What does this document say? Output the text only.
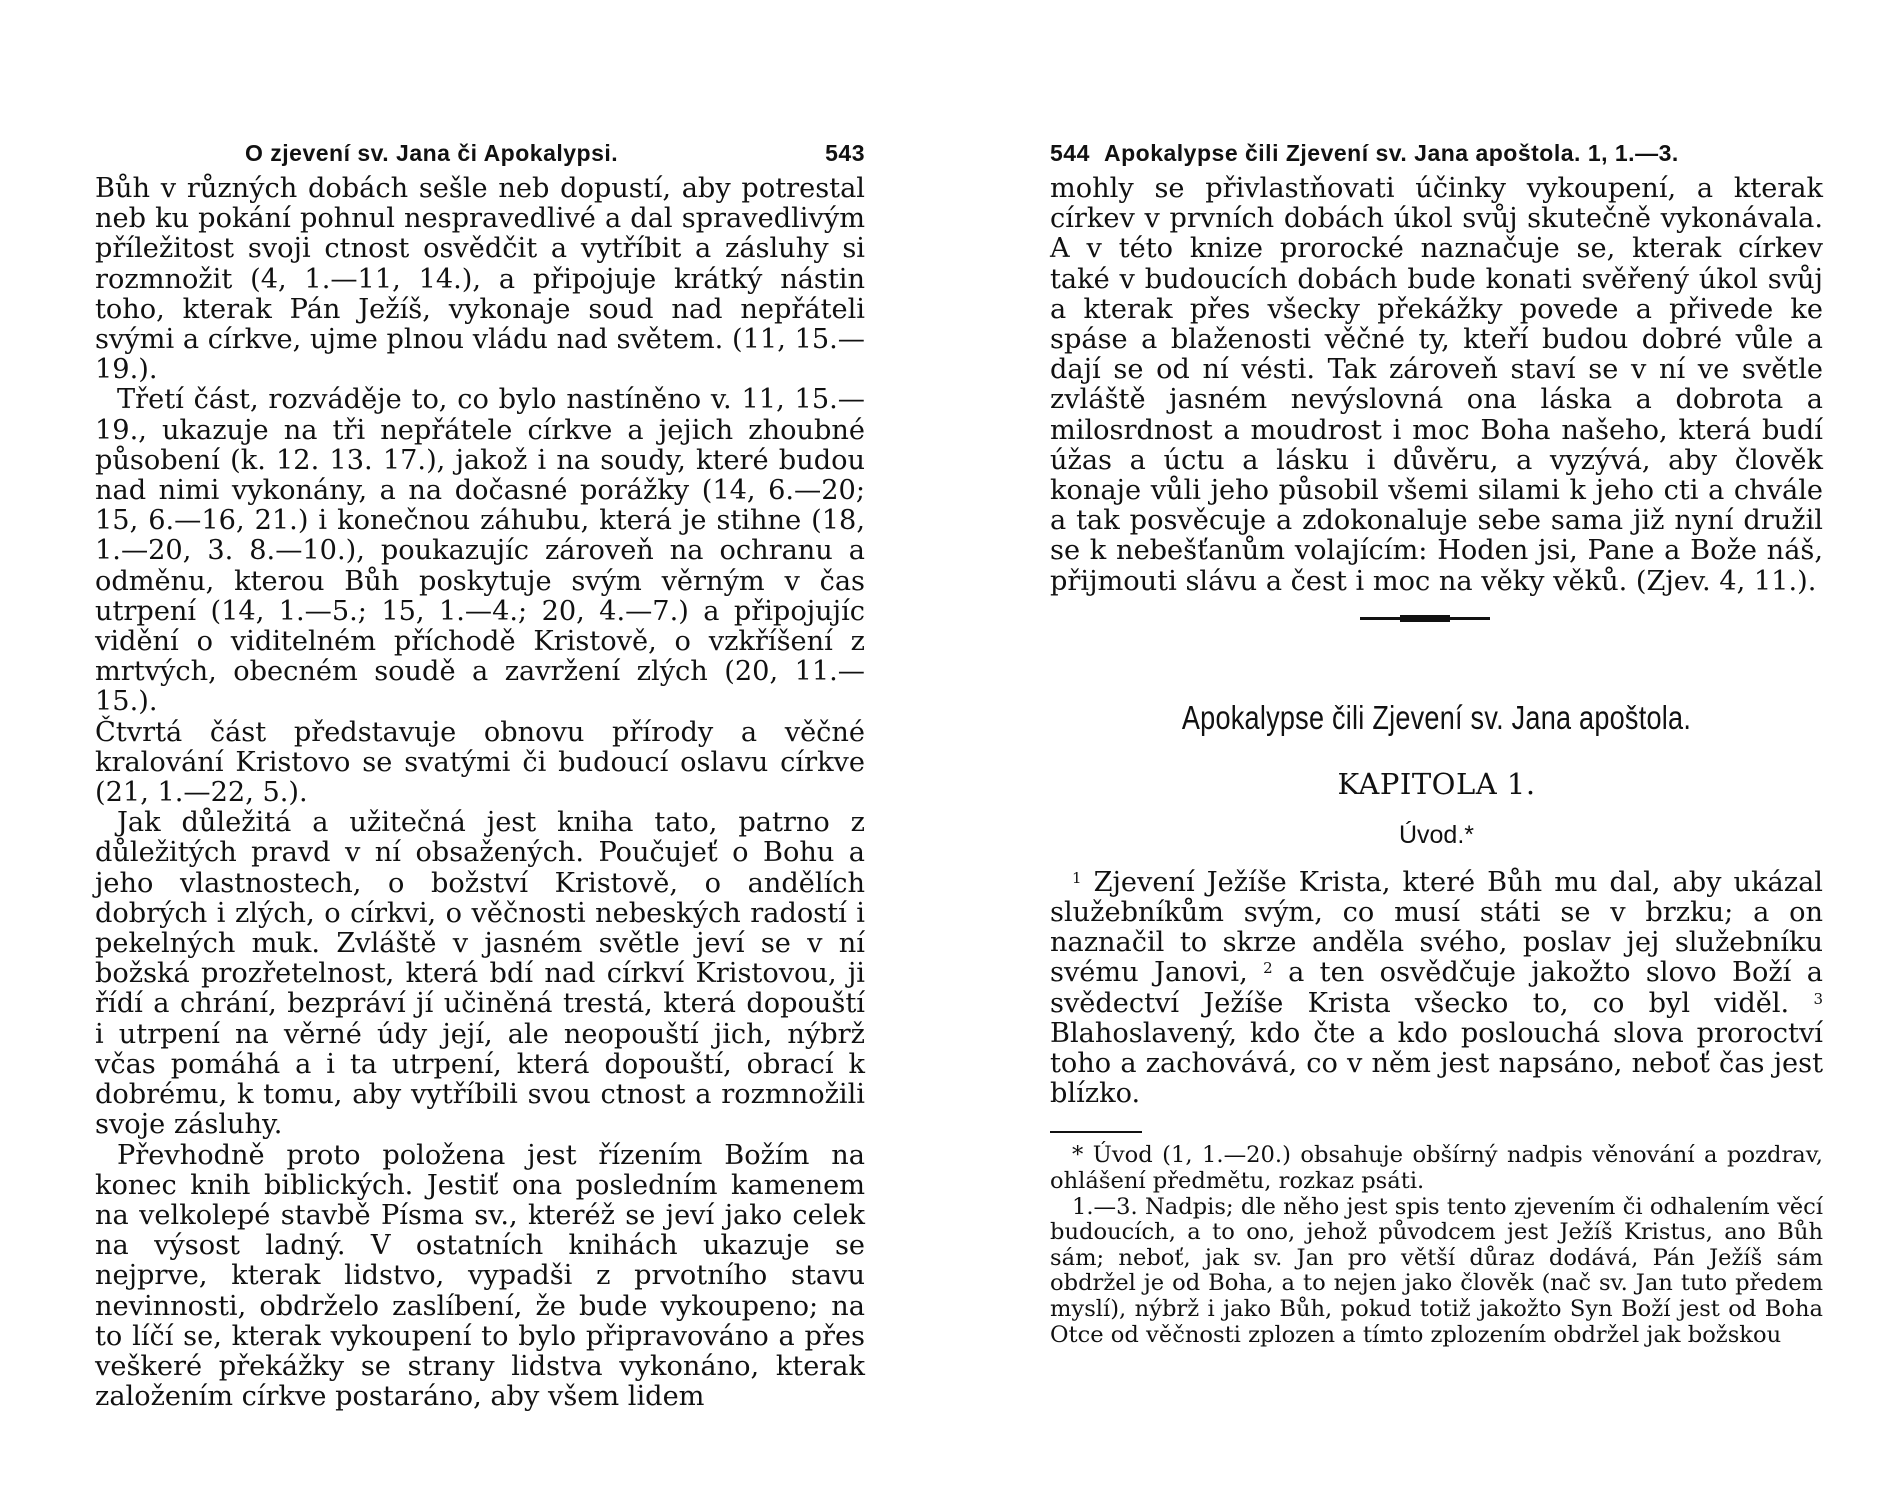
O zjevení sv. Jana či Apokalypsi.	543

Bůh v různých dobách sešle neb dopustí, aby potrestal neb ku pokání pohnul nespravedlivé a dal spravedlivým příležitost svoji ctnost osvědčit a vytříbit a zásluhy si rozmnožit (4, 1.—11, 14.), a připojuje krátký nástin toho, kterak Pán Ježíš, vykonaje soud nad nepřáteli svými a církve, ujme plnou vládu nad světem. (11, 15.—19.).

Třetí část, rozváděje to, co bylo nastíněno v. 11, 15.—19., ukazuje na tři nepřátele církve a jejich zhoubné působení (k. 12. 13. 17.), jakož i na soudy, které budou nad nimi vykonány, a na dočasné porážky (14, 6.—20; 15, 6.—16, 21.) i konečnou záhubu, která je stihne (18, 1.—20, 3. 8.—10.), poukazujíc zároveň na ochranu a odměnu, kterou Bůh poskytuje svým věrným v čas utrpení (14, 1.—5.; 15, 1.—4.; 20, 4.—7.) a připojujíc vidění o viditelném příchodě Kristově, o vzkříšení z mrtvých, obecném soudě a zavržení zlých (20, 11.—15.).

Čtvrtá část představuje obnovu přírody a věčné kralování Kristovo se svatými či budoucí oslavu církve (21, 1.—22, 5.).

Jak důležitá a užitečná jest kniha tato, patrno z důležitých pravd v ní obsažených. Poučujeť o Bohu a jeho vlastnostech, o božství Kristově, o andělích dobrých i zlých, o církvi, o věčnosti nebeských radostí i pekelných muk. Zvláště v jasném světle jeví se v ní božská prozřetelnost, která bdí nad církví Kristovou, ji řídí a chrání, bezpráví jí učiněná trestá, která dopouští i utrpení na věrné údy její, ale neopouští jich, nýbrž včas pomáhá a i ta utrpení, která dopouští, obrací k dobrému, k tomu, aby vytříbili svou ctnost a rozmnožili svoje zásluhy.

Převhodně proto položena jest řízením Božím na konec knih biblických. Jestiť ona posledním kamenem na velkolepé stavbě Písma sv., kteréž se jeví jako celek na výsost ladný. V ostatních knihách ukazuje se nejprve, kterak lidstvo, vypadši z prvotního stavu nevinnosti, obdrželo zaslíbení, že bude vykoupeno; na to líčí se, kterak vykoupení to bylo připravováno a přes veškeré překážky se strany lidstva vykonáno, kterak založením církve postaráno, aby všem lidem

544 Apokalypse čili Zjevení sv. Jana apoštola. 1, 1.—3.

mohly se přivlastňovati účinky vykoupení, a kterak církev v prvních dobách úkol svůj skutečně vykonávala. A v této knize prorocké naznačuje se, kterak církev také v budoucích dobách bude konati svěřený úkol svůj a kterak přes všecky překážky povede a přivede ke spáse a blaženosti věčné ty, kteří budou dobré vůle a dají se od ní vésti. Tak zároveň staví se v ní ve světle zvláště jasném nevýslovná ona láska a dobrota a milosrdnost a moudrost i moc Boha našeho, která budí úžas a úctu a lásku i důvěru, a vyzývá, aby člověk konaje vůli jeho působil všemi silami k jeho cti a chvále a tak posvěcuje a zdokonaluje sebe sama již nyní družil se k nebešťanům volajícím: Hoden jsi, Pane a Bože náš, přijmouti slávu a čest i moc na věky věků. (Zjev. 4, 11.).

Apokalypse čili Zjevení sv. Jana apoštola.
KAPITOLA 1.
Úvod.*

$^1$ Zjevení Ježíše Krista, které Bůh mu dal, aby ukázal služebníkům svým, co musí státi se v brzku; a on naznačil to skrze anděla svého, poslav jej služebníku svému Janovi, $^2$ a ten osvědčuje jakožto slovo Boží a svědectví Ježíše Krista všecko to, co byl viděl. $^3$ Blahoslavený, kdo čte a kdo poslouchá slova proroctví toho a zachovává, co v něm jest napsáno, neboť čas jest blízko.

* Úvod (1, 1.—20.) obsahuje obšírný nadpis věnování a pozdrav, ohlášení předmětu, rozkaz psáti.

1.—3. Nadpis; dle něho jest spis tento zjevením či odhalením věcí budoucích, a to ono, jehož původcem jest Ježíš Kristus, ano Bůh sám; neboť, jak sv. Jan pro větší důraz dodává, Pán Ježíš sám obdržel je od Boha, a to nejen jako člověk (nač sv. Jan tuto předem myslí), nýbrž i jako Bůh, pokud totiž jakožto Syn Boží jest od Boha Otce od věčnosti zplozen a tímto zplozením obdržel jak božskou
